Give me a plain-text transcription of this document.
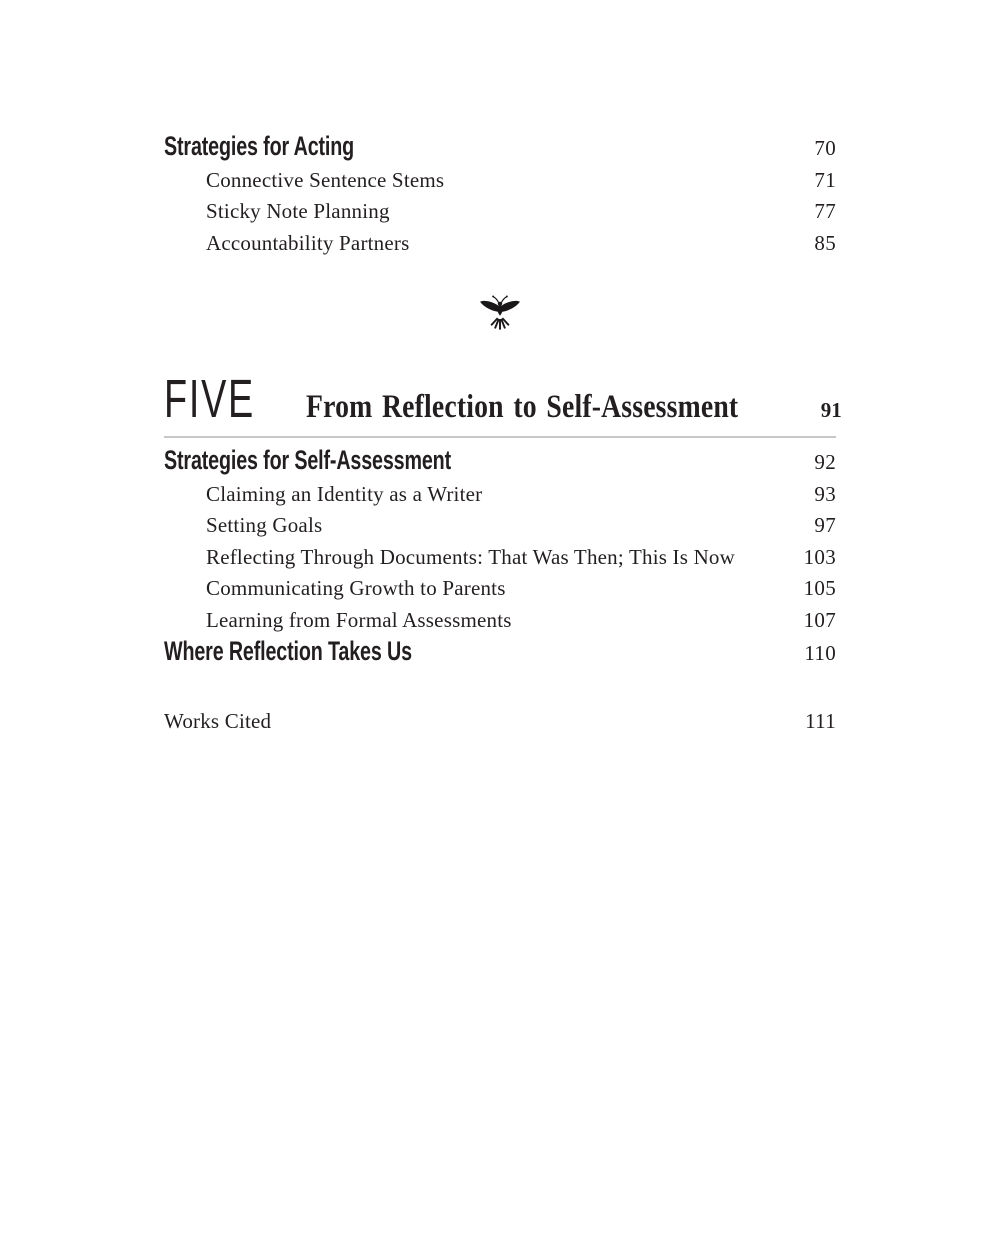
Strategies for Acting	70
Connective Sentence Stems	71
Sticky Note Planning	77
Accountability Partners	85
FIVE From Reflection to Self-Assessment	91
Strategies for Self-Assessment	92
Claiming an Identity as a Writer	93
Setting Goals	97
Reflecting Through Documents: That Was Then; This Is Now	103
Communicating Growth to Parents	105
Learning from Formal Assessments	107
Where Reflection Takes Us	110
Works Cited	111
